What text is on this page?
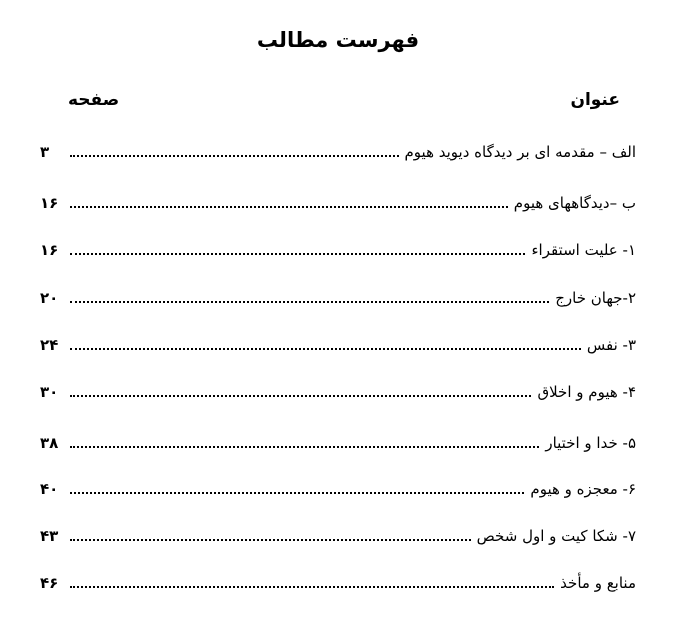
فهرست مطالب
عنوان
صفحه
الف – مقدمه ای بر دیدگاه دیوید هیوم
۳
ب –دیدگاههای هیوم
۱۶
۱- علیت استقراء
۱۶
۲-جهان خارج
۲۰
۳- نفس
۲۴
۴- هیوم و اخلاق
۳۰
۵- خدا و اختیار
۳۸
۶- معجزه و هیوم
۴۰
۷- شکا کیت و اول شخص
۴۳
منابع و مأخذ
۴۶
